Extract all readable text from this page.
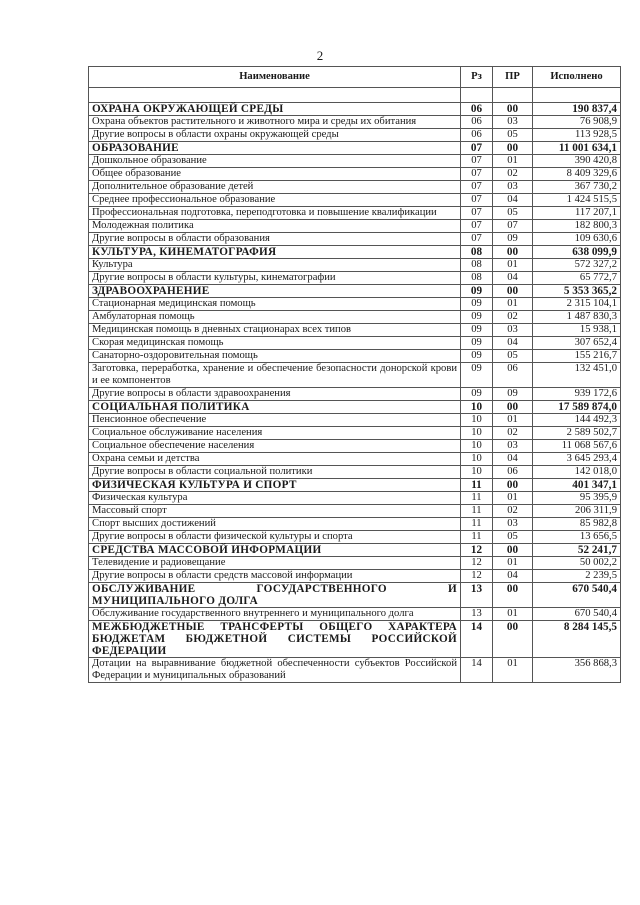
2
Наименование	Рз	ПР	Исполнено

ОХРАНА ОКРУЖАЮЩЕЙ СРЕДЫ	06	00	190 837,4
Охрана объектов растительного и животного мира и среды их обитания	06	03	76 908,9
Другие вопросы в области охраны окружающей среды	06	05	113 928,5
ОБРАЗОВАНИЕ	07	00	11 001 634,1
Дошкольное образование	07	01	390 420,8
Общее образование	07	02	8 409 329,6
Дополнительное образование детей	07	03	367 730,2
Среднее профессиональное образование	07	04	1 424 515,5
Профессиональная подготовка, переподготовка и повышение квалификации	07	05	117 207,1
Молодежная политика	07	07	182 800,3
Другие вопросы в области образования	07	09	109 630,6
КУЛЬТУРА, КИНЕМАТОГРАФИЯ	08	00	638 099,9
Культура	08	01	572 327,2
Другие вопросы в области культуры, кинематографии	08	04	65 772,7
ЗДРАВООХРАНЕНИЕ	09	00	5 353 365,2
Стационарная медицинская помощь	09	01	2 315 104,1
Амбулаторная помощь	09	02	1 487 830,3
Медицинская помощь в дневных стационарах всех типов	09	03	15 938,1
Скорая медицинская помощь	09	04	307 652,4
Санаторно-оздоровительная помощь	09	05	155 216,7
Заготовка, переработка, хранение и обеспечение безопасности донорской крови и ее компонентов	09	06	132 451,0
Другие вопросы в области здравоохранения	09	09	939 172,6
СОЦИАЛЬНАЯ ПОЛИТИКА	10	00	17 589 874,0
Пенсионное обеспечение	10	01	144 492,3
Социальное обслуживание населения	10	02	2 589 502,7
Социальное обеспечение населения	10	03	11 068 567,6
Охрана семьи и детства	10	04	3 645 293,4
Другие вопросы в области социальной политики	10	06	142 018,0
ФИЗИЧЕСКАЯ КУЛЬТУРА И СПОРТ	11	00	401 347,1
Физическая культура	11	01	95 395,9
Массовый спорт	11	02	206 311,9
Спорт высших достижений	11	03	85 982,8
Другие вопросы в области физической культуры и спорта	11	05	13 656,5
СРЕДСТВА МАССОВОЙ ИНФОРМАЦИИ	12	00	52 241,7
Телевидение и радиовещание	12	01	50 002,2
Другие вопросы в области средств массовой информации	12	04	2 239,5
ОБСЛУЖИВАНИЕ ГОСУДАРСТВЕННОГО И МУНИЦИПАЛЬНОГО ДОЛГА	13	00	670 540,4
Обслуживание государственного внутреннего и муниципального долга	13	01	670 540,4
МЕЖБЮДЖЕТНЫЕ ТРАНСФЕРТЫ ОБЩЕГО ХАРАКТЕРА БЮДЖЕТАМ БЮДЖЕТНОЙ СИСТЕМЫ РОССИЙСКОЙ ФЕДЕРАЦИИ	14	00	8 284 145,5
Дотации на выравнивание бюджетной обеспеченности субъектов Российской Федерации и муниципальных образований	14	01	356 868,3
